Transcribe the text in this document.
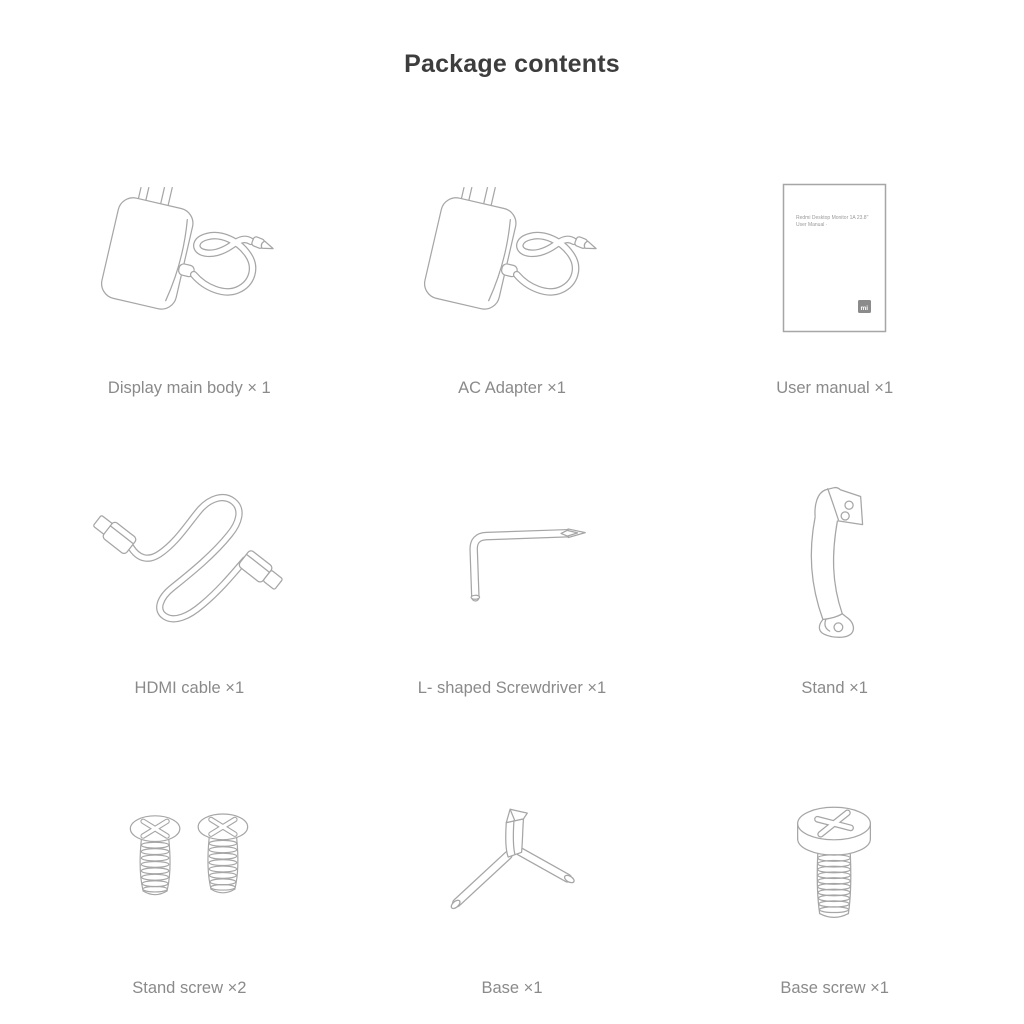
Package contents
Display main body × 1	AC Adapter ×1
Redmi Desktop Monitor 1A 23.8"
User Manual ·
mi
User manual ×1
HDMI cable ×1	L- shaped Screwdriver ×1	Stand ×1
Stand screw ×2	Base ×1	Base screw ×1
